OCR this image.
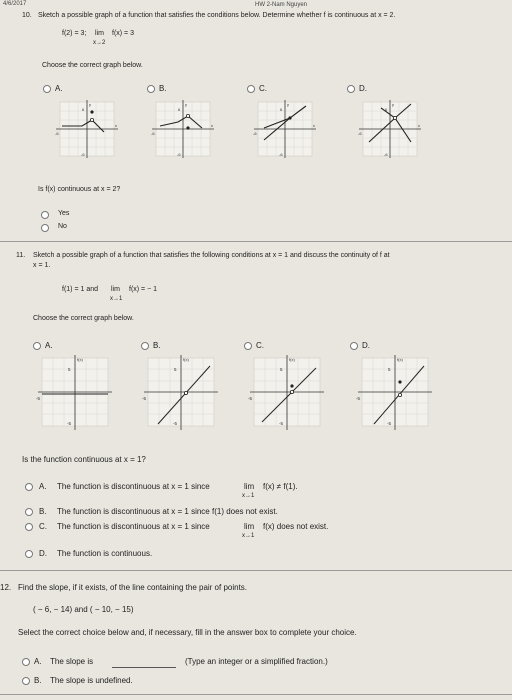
4/6/2017	HW 2-Nam Nguyen
10. Sketch a possible graph of a function that satisfies the conditions below. Determine whether f is continuous at x = 2.
f(2) = 3; lim f(x) = 3
x→2
Choose the correct graph below.
A.	B.	C.	D.
y
x
6
-6
-6
y
x
6
-6
-6
y
x
6
-6
-6
y
x
6
-6
-6
Is f(x) continuous at x = 2?
Yes
No
11. Sketch a possible graph of a function that satisfies the following conditions at x = 1 and discuss the continuity of f at
x = 1.
f(1) = 1 and lim f(x) = − 1
x→1
Choose the correct graph below.
A.	B.	C.	D.
f(x)
5
-5
-5
f(x)
5
-5
-5
f(x)
5
-5
-5
f(x)
5
-5
-5
Is the function continuous at x = 1?
A. The function is discontinuous at x = 1 since	lim f(x) ≠ f(1).
x→1
B. The function is discontinuous at x = 1 since f(1) does not exist.
C. The function is discontinuous at x = 1 since	lim f(x) does not exist.
x→1
D. The function is continuous.
12. Find the slope, if it exists, of the line containing the pair of points.
( − 6, − 14) and ( − 10, − 15)
Select the correct choice below and, if necessary, fill in the answer box to complete your choice.
A. The slope is	(Type an integer or a simplified fraction.)
B. The slope is undefined.
